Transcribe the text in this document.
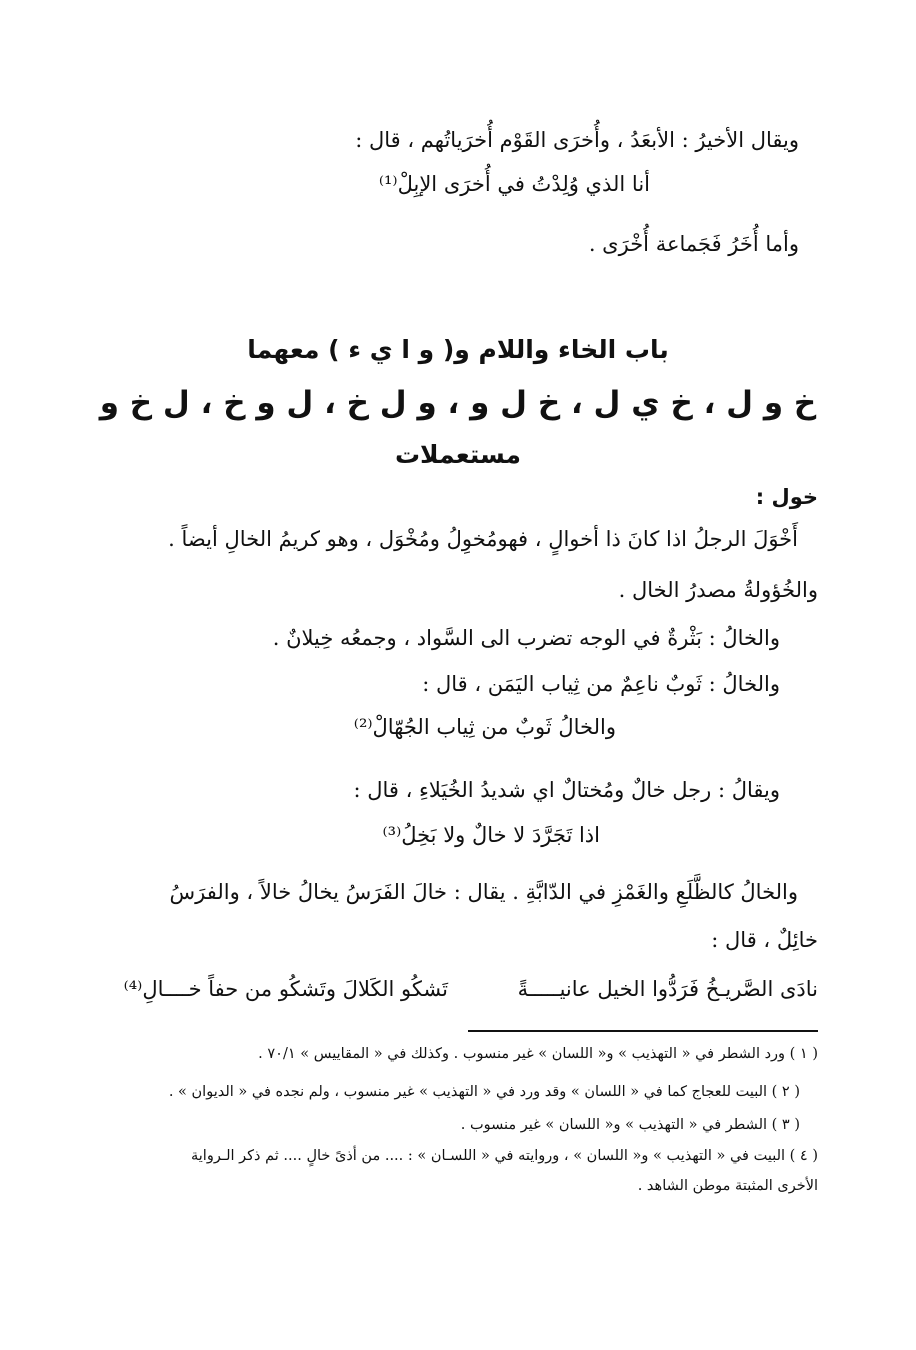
ويقال الأخيرُ : الأبعَدُ ، وأُخرَى القَوْم أُخرَياتُهم ، قال :
أنا الذي وُلِدْتُ في أُخرَى الإبِلْ⁽¹⁾
وأما أُخَرُ فَجَماعة أُخْرَى .
باب الخاء واللام و( و ا ي ء ) معهما
خ و ل ، خ ي ل ، خ ل و ، و ل خ ، ل و خ ، ل خ و
مستعملات
خول :
أَخْوَلَ الرجلُ اذا كانَ ذا أخوالٍ ، فهومُخوِلُ ومُخْوَل ، وهو كريمُ الخالِ أيضاً .
والخُؤولةُ مصدرُ الخال .
والخالُ : بَثْرةٌ في الوجه تضرب الى السَّواد ، وجمعُه خِيلانٌ .
والخالُ : ثَوبٌ ناعِمٌ من ثِياب اليَمَن ، قال :
والخالُ ثَوبٌ من ثِياب الجُهّالْ⁽²⁾
ويقالُ : رجل خالٌ ومُختالٌ اي شديدُ الخُيَلاءِ ، قال :
اذا تَجَرَّدَ لا خالٌ ولا بَخِلُ⁽³⁾
والخالُ كالظَّلَعِ والغَمْزِ في الدّابَّةِ . يقال : خالَ الفَرَسُ يخالُ خالاً ، والفرَسُ
خائِلٌ ، قال :
نادَى الصَّريـخُ فَرَدُّوا الخيل عانيـــــةً
تَشكُو الكَلالَ وتَشكُو من حفاً خــــالِ⁽⁴⁾
( ١ ) ورد الشطر في « التهذيب » و« اللسان » غير منسوب . وكذلك في « المقاييس » ٧٠/١ .
( ٢ ) البيت للعجاج كما في « اللسان » وقد ورد في « التهذيب » غير منسوب ، ولم نجده في « الديوان » .
( ٣ ) الشطر في « التهذيب » و« اللسان » غير منسوب .
( ٤ ) البيت في « التهذيب » و« اللسان » ، وروايته في « اللسـان » : .... من أذىً خالٍ .... ثم ذكر الـرواية
الأخرى المثبتة موطن الشاهد .
